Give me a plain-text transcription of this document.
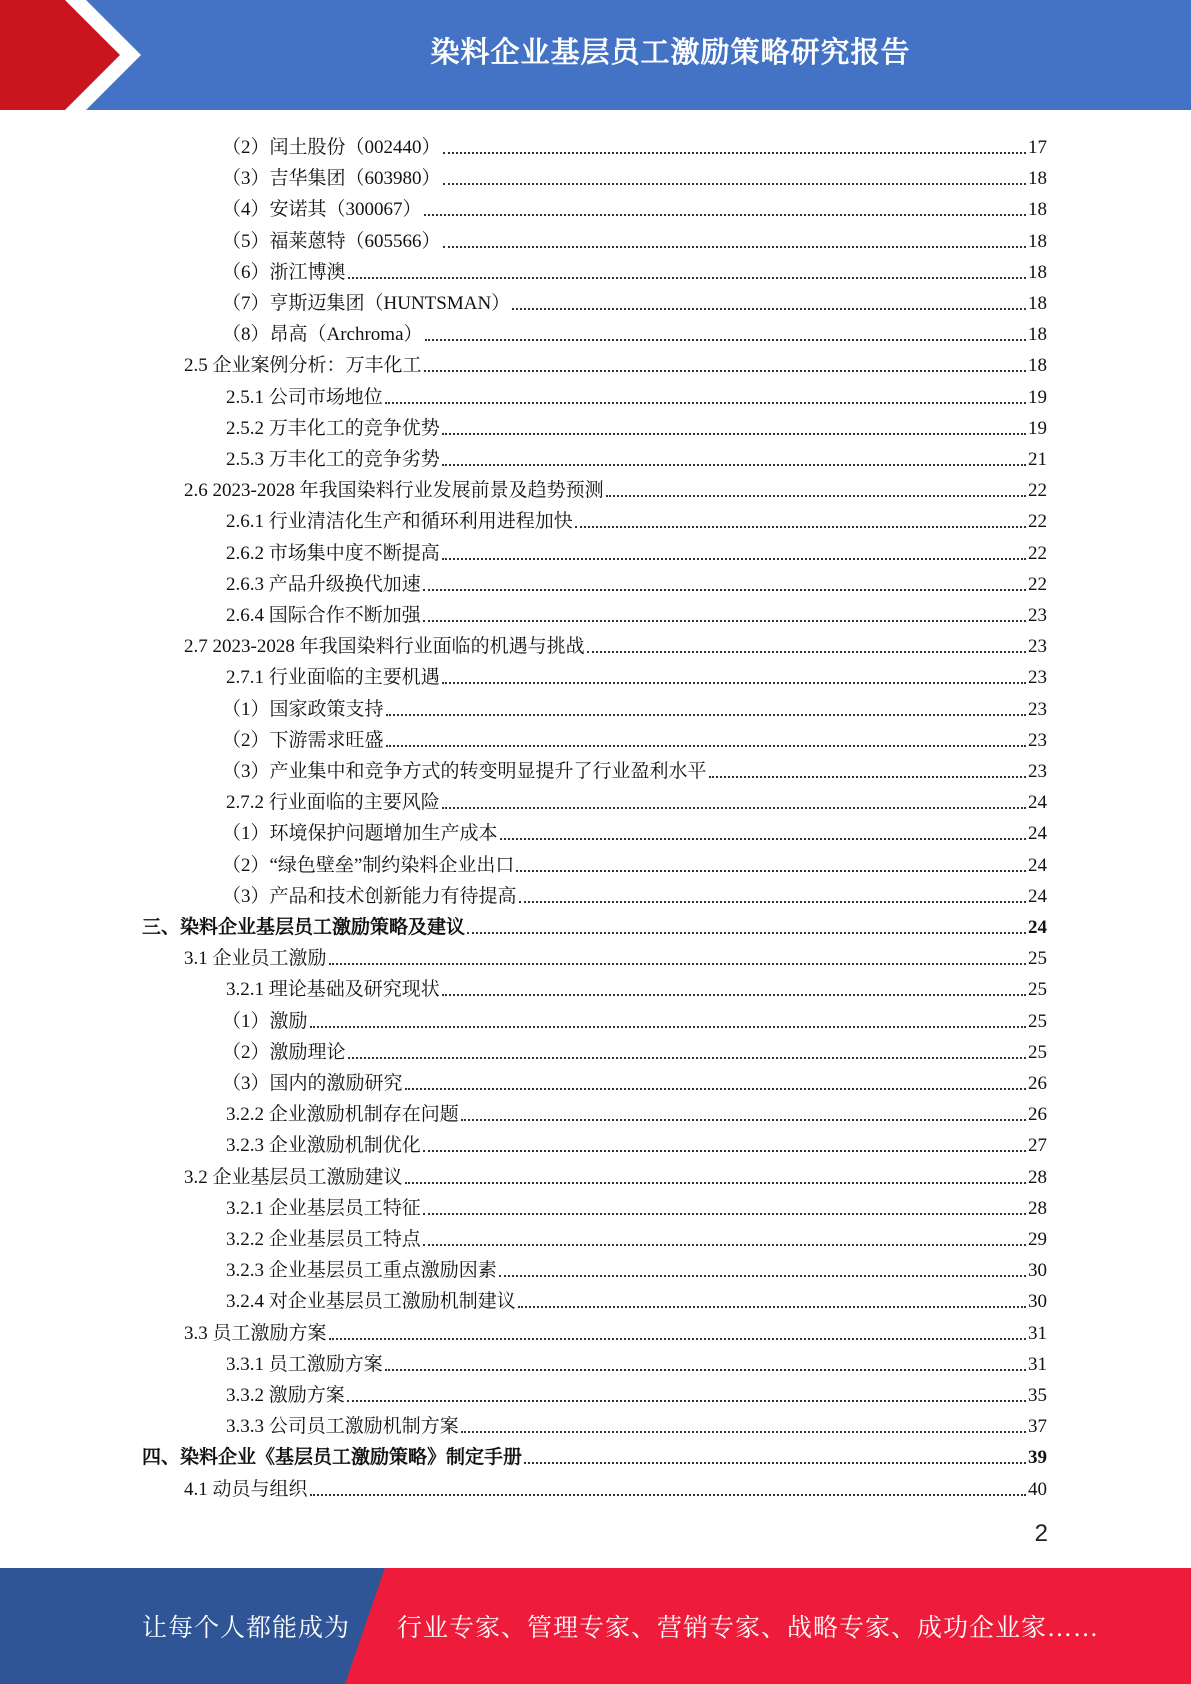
染料企业基层员工激励策略研究报告
（2）闰土股份（002440）	17
（3）吉华集团（603980）	18
（4）安诺其（300067）	18
（5）福莱蒽特（605566）	18
（6）浙江博澳	18
（7）亨斯迈集团（HUNTSMAN）	18
（8）昂高（Archroma）	18
2.5 企业案例分析：万丰化工	18
2.5.1 公司市场地位	19
2.5.2 万丰化工的竞争优势	19
2.5.3 万丰化工的竞争劣势	21
2.6 2023-2028 年我国染料行业发展前景及趋势预测	22
2.6.1 行业清洁化生产和循环利用进程加快	22
2.6.2 市场集中度不断提高	22
2.6.3 产品升级换代加速	22
2.6.4 国际合作不断加强	23
2.7 2023-2028 年我国染料行业面临的机遇与挑战	23
2.7.1 行业面临的主要机遇	23
（1）国家政策支持	23
（2）下游需求旺盛	23
（3）产业集中和竞争方式的转变明显提升了行业盈利水平	23
2.7.2 行业面临的主要风险	24
（1）环境保护问题增加生产成本	24
（2）“绿色壁垒”制约染料企业出口	24
（3）产品和技术创新能力有待提高	24
三、染料企业基层员工激励策略及建议	24
3.1 企业员工激励	25
3.2.1 理论基础及研究现状	25
（1）激励	25
（2）激励理论	25
（3）国内的激励研究	26
3.2.2 企业激励机制存在问题	26
3.2.3 企业激励机制优化	27
3.2 企业基层员工激励建议	28
3.2.1 企业基层员工特征	28
3.2.2 企业基层员工特点	29
3.2.3 企业基层员工重点激励因素	30
3.2.4 对企业基层员工激励机制建议	30
3.3 员工激励方案	31
3.3.1 员工激励方案	31
3.3.2 激励方案	35
3.3.3 公司员工激励机制方案	37
四、染料企业《基层员工激励策略》制定手册	39
4.1 动员与组织	40
2
让每个人都能成为 行业专家、管理专家、营销专家、战略专家、成功企业家……
